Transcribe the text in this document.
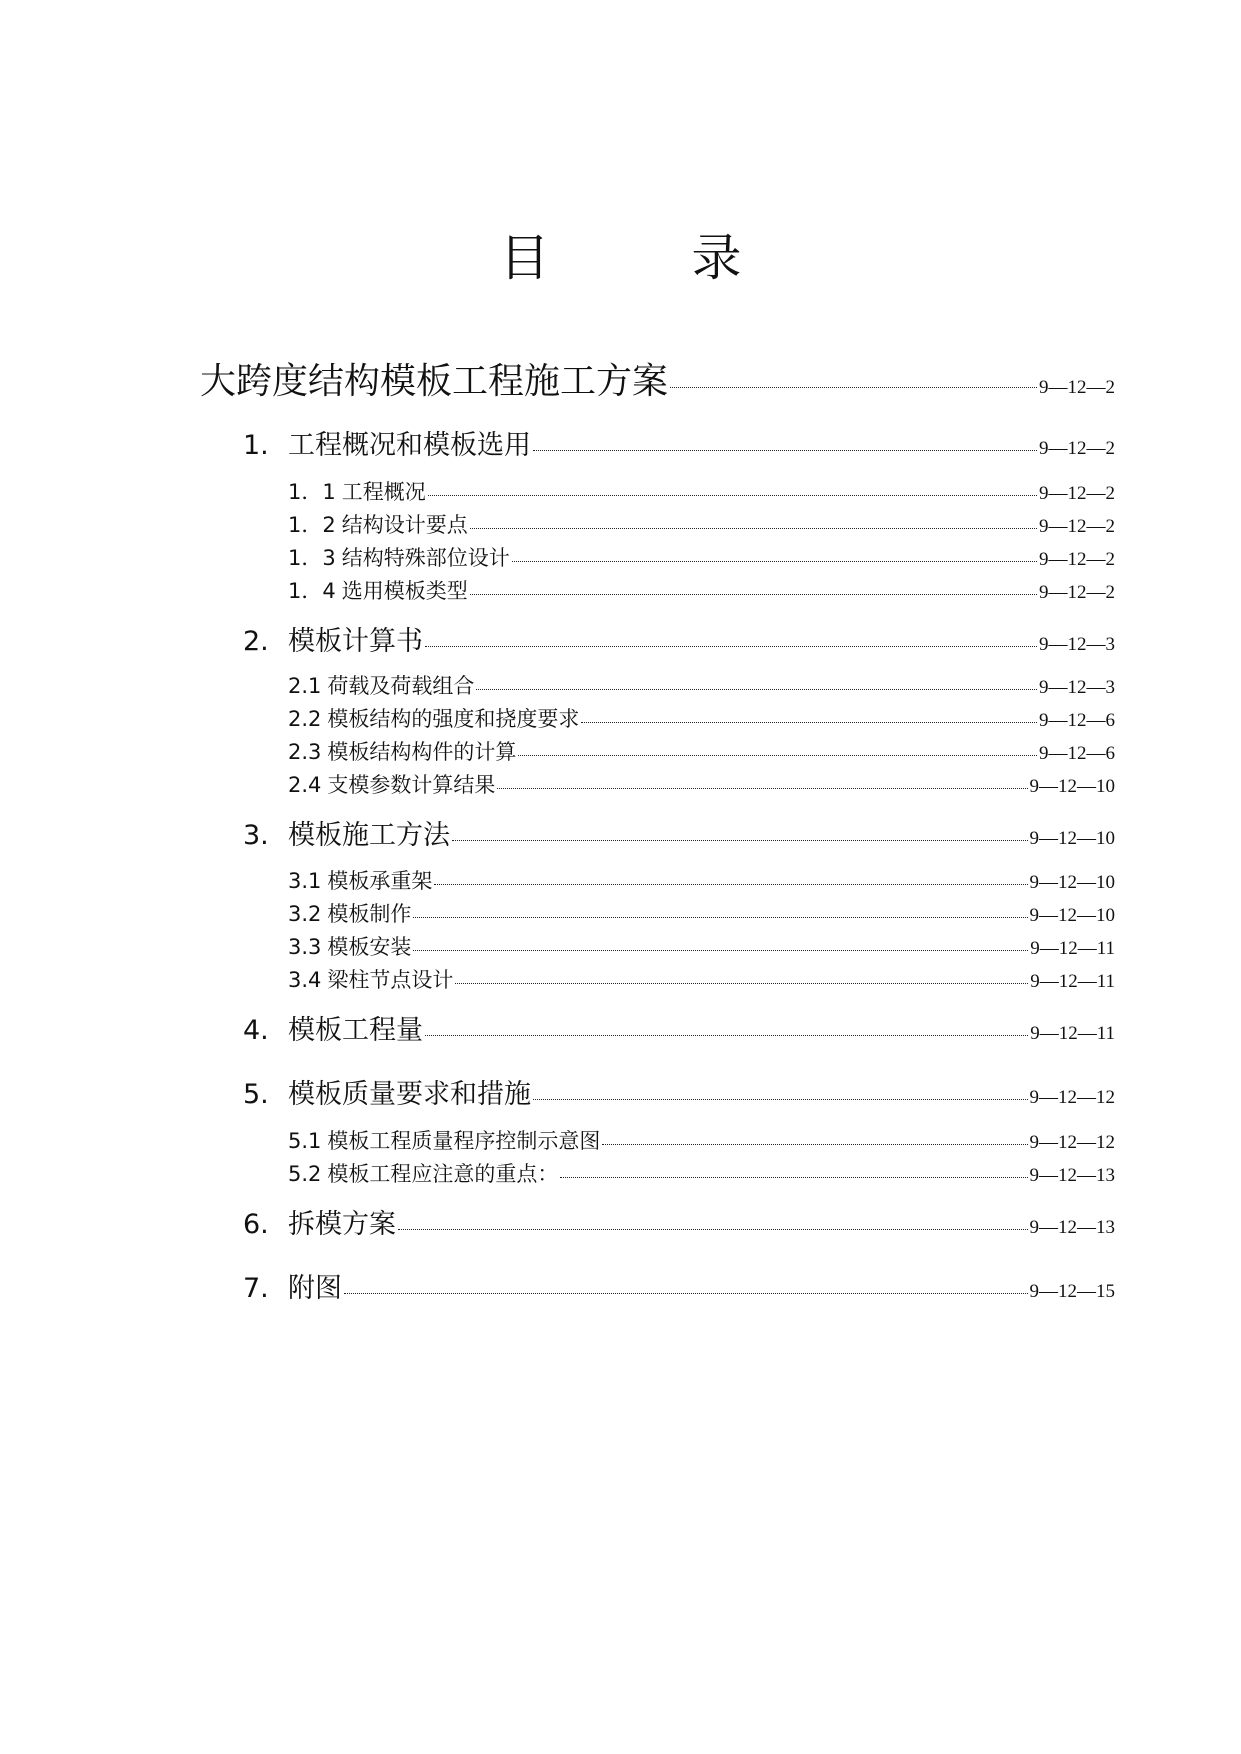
目　录
大跨度结构模板工程施工方案	9—12—2
1. 工程概况和模板选用	9—12—2
1．1 工程概况	9—12—2
1．2 结构设计要点	9—12—2
1．3 结构特殊部位设计	9—12—2
1．4 选用模板类型	9—12—2
2. 模板计算书	9—12—3
2.1 荷载及荷载组合	9—12—3
2.2 模板结构的强度和挠度要求	9—12—6
2.3 模板结构构件的计算	9—12—6
2.4 支模参数计算结果	9—12—10
3. 模板施工方法	9—12—10
3.1 模板承重架	9—12—10
3.2 模板制作	9—12—10
3.3 模板安装	9—12—11
3.4 梁柱节点设计	9—12—11
4. 模板工程量	9—12—11
5. 模板质量要求和措施	9—12—12
5.1 模板工程质量程序控制示意图	9—12—12
5.2 模板工程应注意的重点：	9—12—13
6. 拆模方案	9—12—13
7. 附图	9—12—15
